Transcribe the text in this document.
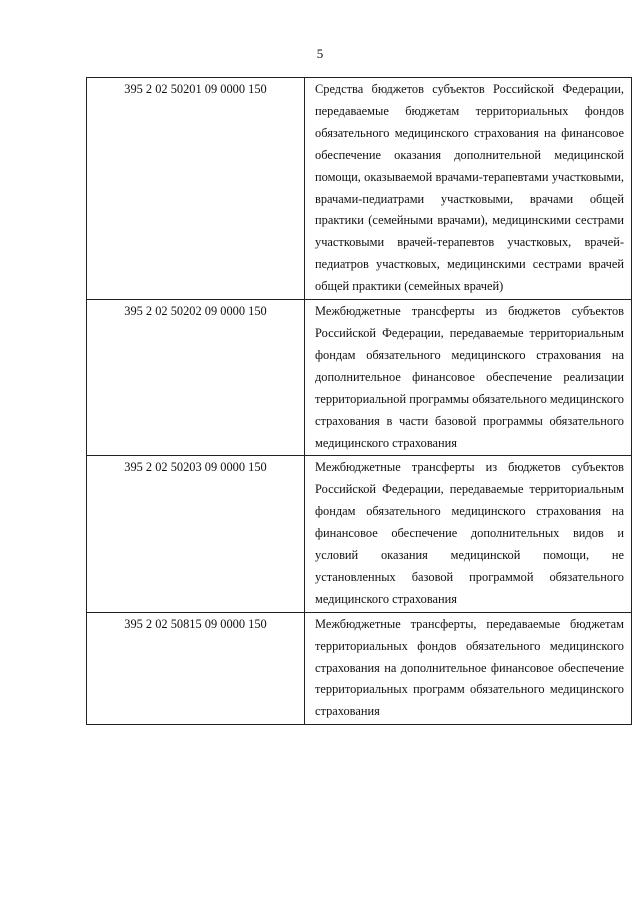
5
395 2 02 50201 09 0000 150	Средства бюджетов субъектов Российской Федерации, передаваемые бюджетам территориальных фондов обязательного медицинского страхования на финансовое обеспечение оказания дополнительной медицинской помощи, оказываемой врачами-терапевтами участковыми, врачами-педиатрами участковыми, врачами общей практики (семейными врачами), медицинскими сестрами участковыми врачей-терапевтов участковых, врачей-педиатров участковых, медицинскими сестрами врачей общей практики (семейных врачей)
395 2 02 50202 09 0000 150	Межбюджетные трансферты из бюджетов субъектов Российской Федерации, передаваемые территориальным фондам обязательного медицинского страхования на дополнительное финансовое обеспечение реализации территориальной программы обязательного медицинского страхования в части базовой программы обязательного медицинского страхования
395 2 02 50203 09 0000 150	Межбюджетные трансферты из бюджетов субъектов Российской Федерации, передаваемые территориальным фондам обязательного медицинского страхования на финансовое обеспечение дополнительных видов и условий оказания медицинской помощи, не установленных базовой программой обязательного медицинского страхования
395 2 02 50815 09 0000 150	Межбюджетные трансферты, передаваемые бюджетам территориальных фондов обязательного медицинского страхования на дополнительное финансовое обеспечение территориальных программ обязательного медицинского страхования
